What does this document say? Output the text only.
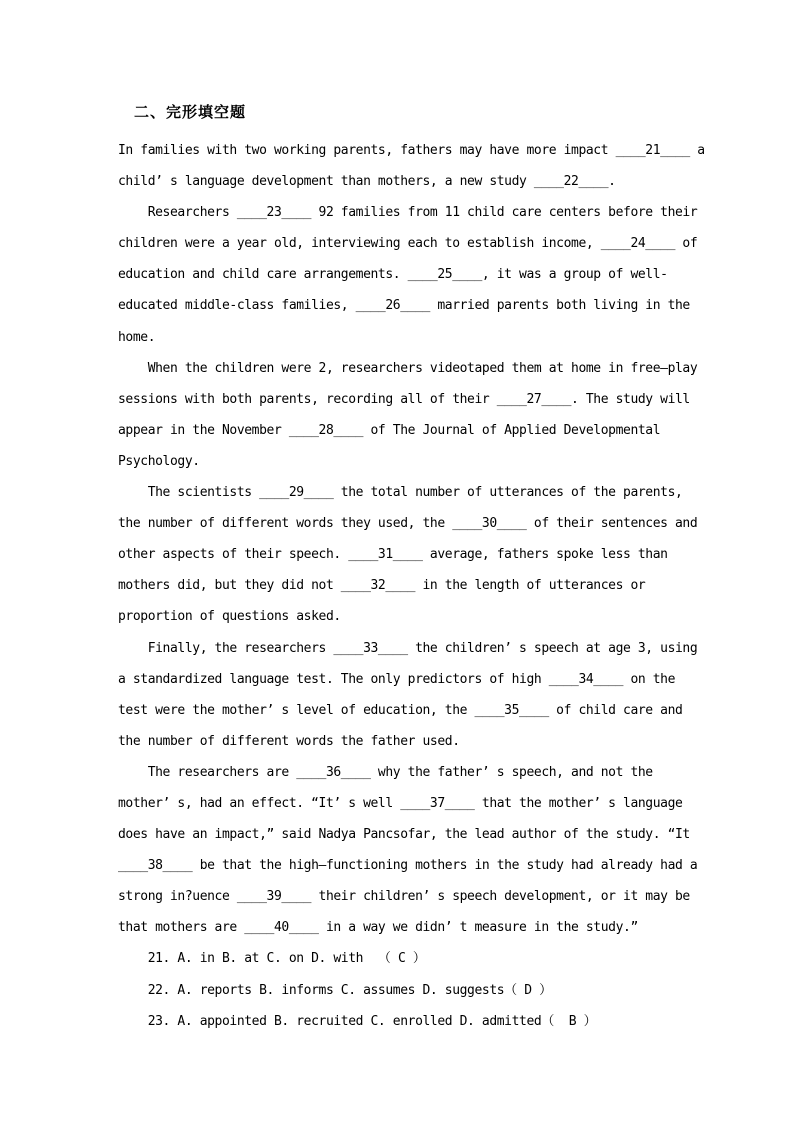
二、完形填空题
In families with two working parents, fathers may have more impact ____21____ a
child’ s language development than mothers, a new study ____22____.
Researchers ____23____ 92 families from 11 child care centers before their
children were a year old, interviewing each to establish income, ____24____ of
education and child care arrangements. ____25____, it was a group of well-
educated middle-class families, ____26____ married parents both living in the
home.
When the children were 2, researchers videotaped them at home in free—play
sessions with both parents, recording all of their ____27____. The study will
appear in the November ____28____ of The Journal of Applied Developmental
Psychology.
The scientists ____29____ the total number of utterances of the parents,
the number of different words they used, the ____30____ of their sentences and
other aspects of their speech. ____31____ average, fathers spoke less than
mothers did, but they did not ____32____ in the length of utterances or
proportion of questions asked.
Finally, the researchers ____33____ the children’ s speech at age 3, using
a standardized language test. The only predictors of high ____34____ on the
test were the mother’ s level of education, the ____35____ of child care and
the number of different words the father used.
The researchers are ____36____ why the father’ s speech, and not the
mother’ s, had an effect. “It’ s well ____37____ that the mother’ s language
does have an impact,” said Nadya Pancsofar, the lead author of the study. “It
____38____ be that the high—functioning mothers in the study had already had a
strong in?uence ____39____ their children’ s speech development, or it may be
that mothers are ____40____ in a way we didn’ t measure in the study.”
21. A. in B. at C. on D. with  （ C ）
22. A. reports B. informs C. assumes D. suggests（ D ）
23. A. appointed B. recruited C. enrolled D. admitted（  B ）
